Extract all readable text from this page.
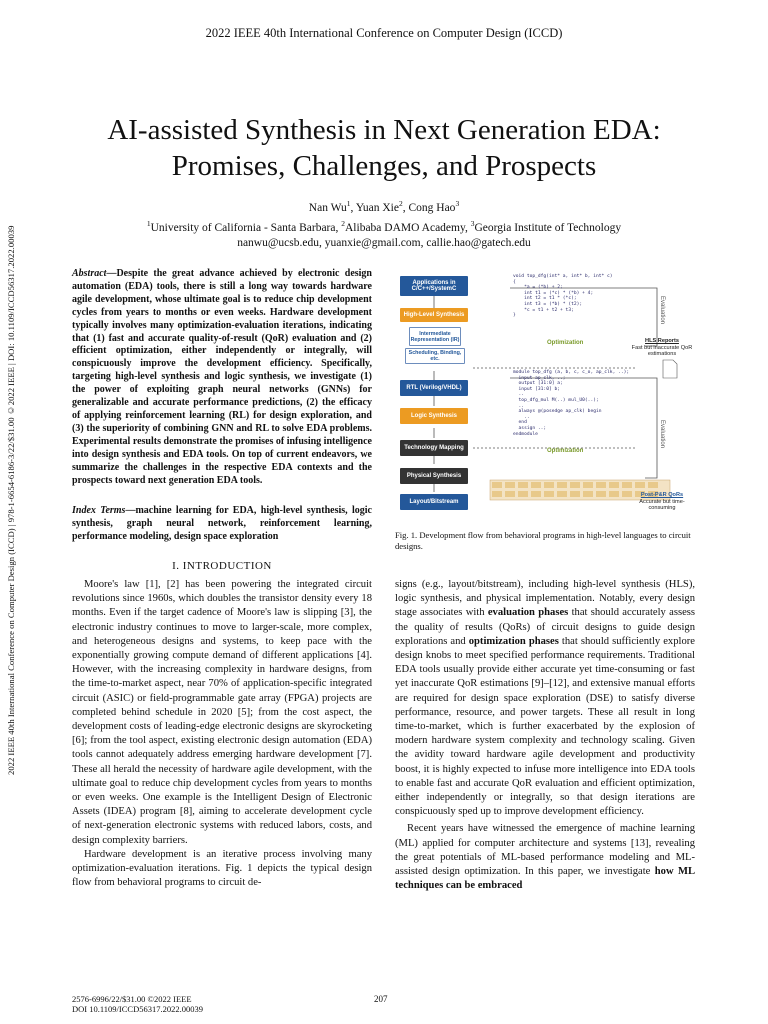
2022 IEEE 40th International Conference on Computer Design (ICCD)
2022 IEEE 40th International Conference on Computer Design (ICCD) | 978-1-6654-6186-3/22/$31.00 ©2022 IEEE | DOI: 10.1109/ICCD56317.2022.00039
AI-assisted Synthesis in Next Generation EDA:
Promises, Challenges, and Prospects
Nan Wu$^1$, Yuan Xie$^2$, Cong Hao$^3$
$^1$University of California - Santa Barbara, $^2$Alibaba DAMO Academy, $^3$Georgia Institute of Technology
nanwu@ucsb.edu, yuanxie@gmail.com, callie.hao@gatech.edu
Abstract—Despite the great advance achieved by electronic design automation (EDA) tools, there is still a long way towards hardware agile development, whose ultimate goal is to reduce chip development cycles from years to months or even weeks. Hardware development typically involves many optimization-evaluation iterations, indicating that (1) fast and accurate quality-of-result (QoR) evaluation and (2) efficient optimization, either independently or integrally, will conspicuously improve the development efficiency. Specifically, targeting high-level synthesis and logic synthesis, we investigate (1) the power of exploiting graph neural networks (GNNs) for generalizable and accurate performance predictions, (2) the efficacy of applying reinforcement learning (RL) for design exploration, and (3) the superiority of combining GNN and RL to solve EDA problems. Experimental results demonstrate the promises of infusing intelligence into design synthesis and EDA tools. On top of current endeavors, we summarize the challenges in the respective EDA contexts and the prospects toward next generation EDA tools.
Index Terms—machine learning for EDA, high-level synthesis, logic synthesis, graph neural network, reinforcement learning, performance modeling, design space exploration
I. INTRODUCTION

Moore's law [1], [2] has been powering the integrated circuit revolutions since 1960s, which doubles the transistor density every 18 months. Even if the target cadence of Moore's law is slipping [3], the electronic industry continues to move to larger-scale, more complex, and heterogeneous designs and systems, to keep pace with the exponentially growing compute demand of different applications [4]. However, with the increasing complexity in hardware designs, from the time-to-market aspect, near 70% of application-specific integrated circuit (ASIC) or field-programmable gate array (FPGA) projects are completed behind schedule in 2020 [5]; from the cost aspect, the development costs of leading-edge electronic designs are skyrocketing [6]; from the tool aspect, existing electronic design automation (EDA) tools cannot adequately address emerging hardware development [7]. These all herald the necessity of hardware agile development, with the ultimate goal to reduce chip development cycles from years to months or even weeks. One example is the Intelligent Design of Electronic Assets (IDEA) program [8], aiming to accelerate development cycle of next-generation electronic systems with reduced labors, costs, and design complexity barriers.

Hardware development is an iterative process involving many optimization-evaluation iterations. Fig. 1 depicts the typical design flow from behavioral programs to circuit de-

Applications in C/C++/SystemC
High-Level Synthesis
Intermediate Representation (IR)
Scheduling, Binding, etc.
RTL (Verilog/VHDL)
Logic Synthesis
Technology Mapping
Physical Synthesis
Layout/Bitstream
void top_dfg(int* a, int* b, int* c)
{
*a = (*b) + 2;
int t1 = (*c) * (*b) + 4;
int t2 = t1 * (*c);
int t3 = (*b) * (t2);
*c = t1 + t2 + t3;
}
module top_dfg (a, b, c, c_o, ap_clk, ..);
input ap_clk, ..;
output [31:0] a;
input [31:0] b;
..
top_dfg_mul M(..) mul_U0(..);
..
always @(posedge ap_clk) begin
..
end
assign ..;
endmodule
Optimization
Optimization
Evaluation
Evaluation
HLS Reports
Fast but inaccurate QoR estimations
Post-P&R QoRs
Accurate but time-consuming
Fig. 1. Development flow from behavioral programs in high-level languages to circuit designs.

signs (e.g., layout/bitstream), including high-level synthesis (HLS), logic synthesis, and physical implementation. Notably, every design stage associates with evaluation phases that should accurately assess the quality of results (QoRs) of circuit designs to guide design explorations and optimization phases that should sufficiently explore design knobs to meet specified performance requirements. Traditional EDA tools usually provide either accurate yet time-consuming or fast yet inaccurate QoR estimations [9]–[12], and extensive manual efforts are required for design space exploration (DSE) to satisfy diverse performance, resource, and power targets. These all result in long time-to-market, which is further exacerbated by the explosion of modern hardware system complexity and technology scaling. Given the avidity toward hardware agile development and productivity boost, it is highly expected to infuse more intelligence into EDA tools to enable fast and accurate QoR evaluation and efficient optimization, either independently or integrally, so that design iterations are conspicuously sped up to improve development efficiency.

Recent years have witnessed the emergence of machine learning (ML) applied for computer architecture and systems [13], revealing the great potentials of ML-based performance modeling and ML-assisted design optimization. In this paper, we investigate how ML techniques can be embraced

2576-6996/22/$31.00 ©2022 IEEE
DOI 10.1109/ICCD56317.2022.00039
207
